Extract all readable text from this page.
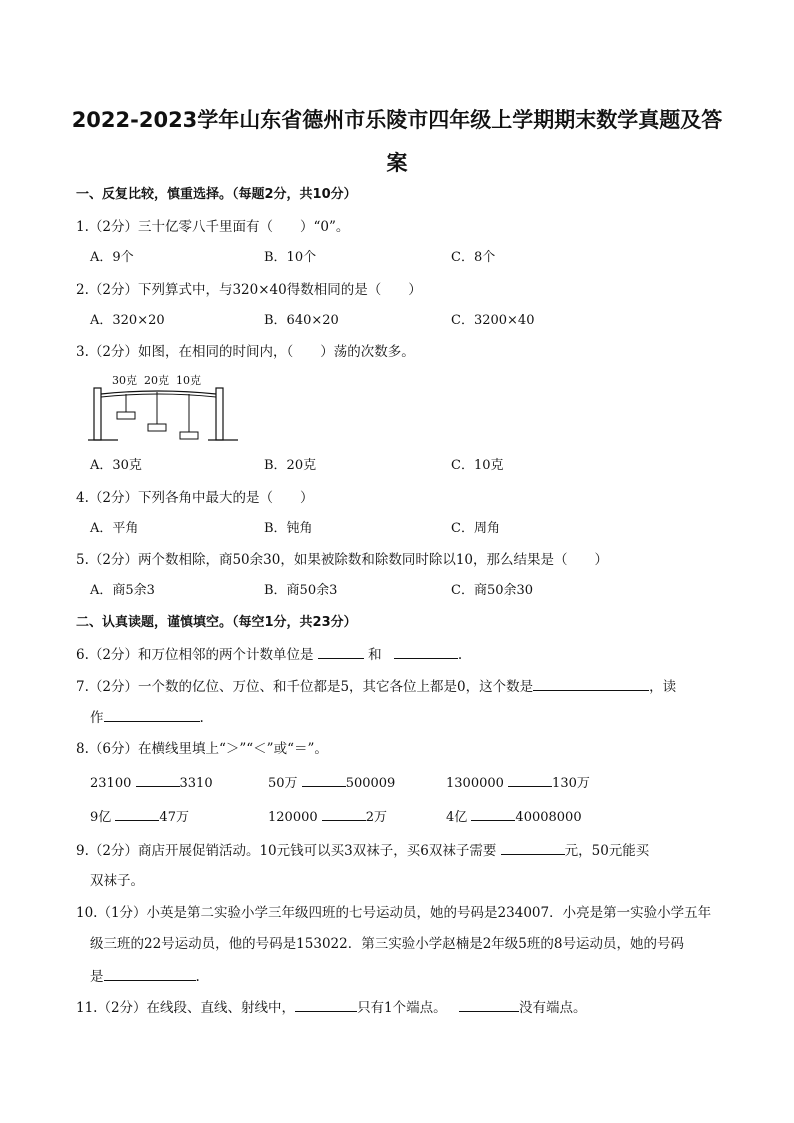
2022-2023学年山东省德州市乐陵市四年级上学期期末数学真题及答
案
一、反复比较，慎重选择。（每题2分，共10分）
1.（2分）三十亿零八千里面有（　　）“0”。
A．9个	B．10个	C．8个
2.（2分）下列算式中，与320×40得数相同的是（　　）
A．320×20	B．640×20	C．3200×40
3.（2分）如图，在相同的时间内，（　　）荡的次数多。
30克 20克 10克
A．30克	B．20克	C．10克
4.（2分）下列各角中最大的是（　　）
A．平角	B．钝角	C．周角
5.（2分）两个数相除，商50余30，如果被除数和除数同时除以10，那么结果是（　　）
A．商5余3	B．商50余3	C．商50余30
二、认真读题，谨慎填空。（每空1分，共23分）
6.（2分）和万位相邻的两个计数单位是	和	.
7.（2分）一个数的亿位、万位、和千位都是5，其它各位上都是0，这个数是	，读
作	.
8.（6分）在横线里填上“＞”“＜”或“＝”。
23100	3310	50万	500009	1300000	130万
9亿	47万	120000	2万	4亿	40008000
9.（2分）商店开展促销活动。10元钱可以买3双袜子，买6双袜子需要	元，50元能买
双袜子。
10.（1分）小英是第二实验小学三年级四班的七号运动员，她的号码是234007．小亮是第一实验小学五年
级三班的22号运动员，他的号码是153022．第三实验小学赵楠是2年级5班的8号运动员，她的号码
是	.
11.（2分）在线段、直线、射线中，	只有1个端点。	没有端点。
